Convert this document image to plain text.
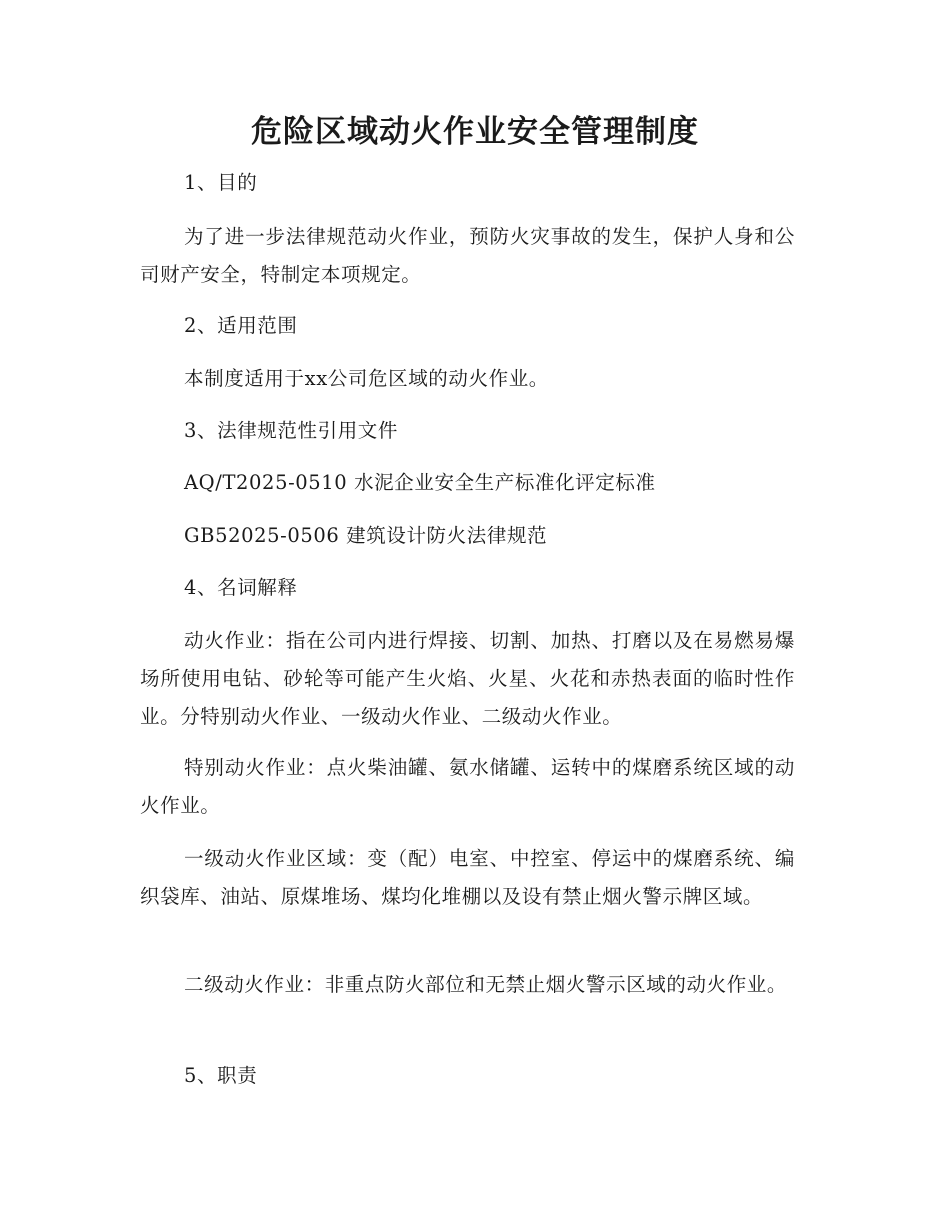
危险区域动火作业安全管理制度

1、目的

为了进一步法律规范动火作业，预防火灾事故的发生，保护人身和公司财产安全，特制定本项规定。

2、适用范围

本制度适用于xx公司危区域的动火作业。

3、法律规范性引用文件

AQ/T2025-0510 水泥企业安全生产标准化评定标准

GB52025-0506 建筑设计防火法律规范

4、名词解释

动火作业：指在公司内进行焊接、切割、加热、打磨以及在易燃易爆场所使用电钻、砂轮等可能产生火焰、火星、火花和赤热表面的临时性作业。分特别动火作业、一级动火作业、二级动火作业。

特别动火作业：点火柴油罐、氨水储罐、运转中的煤磨系统区域的动火作业。

一级动火作业区域：变（配）电室、中控室、停运中的煤磨系统、编织袋库、油站、原煤堆场、煤均化堆棚以及设有禁止烟火警示牌区域。

二级动火作业：非重点防火部位和无禁止烟火警示区域的动火作业。

5、职责
